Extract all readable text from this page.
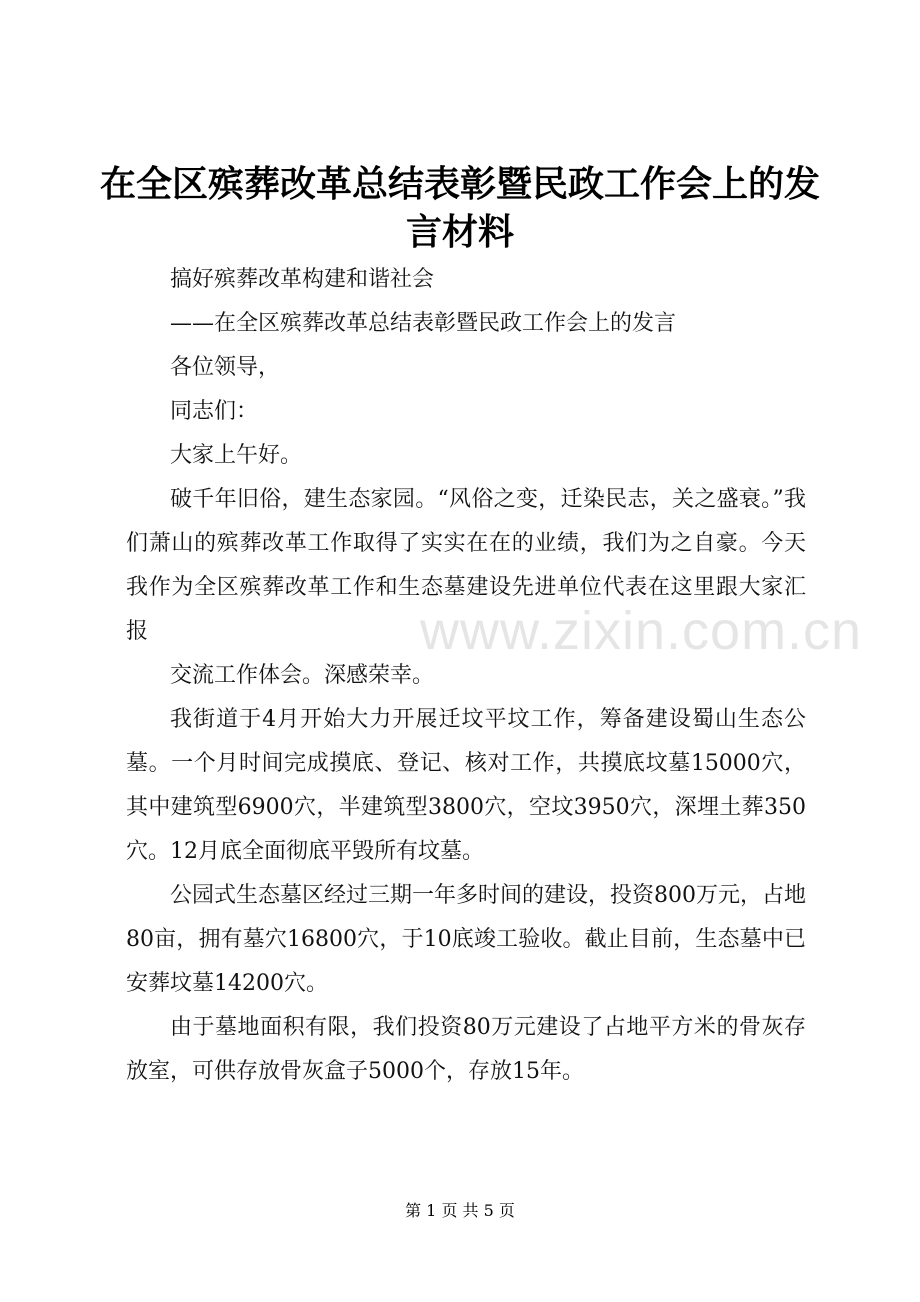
在全区殡葬改革总结表彰暨民政工作会上的发言材料

搞好殡葬改革构建和谐社会

——在全区殡葬改革总结表彰暨民政工作会上的发言

各位领导，

同志们：

大家上午好。

破千年旧俗，建生态家园。“风俗之变，迁染民志，关之盛衰。”我们萧山的殡葬改革工作取得了实实在在的业绩，我们为之自豪。今天我作为全区殡葬改革工作和生态墓建设先进单位代表在这里跟大家汇报

交流工作体会。深感荣幸。

我街道于4月开始大力开展迁坟平坟工作，筹备建设蜀山生态公墓。一个月时间完成摸底、登记、核对工作，共摸底坟墓15000穴，其中建筑型6900穴，半建筑型3800穴，空坟3950穴，深埋土葬350穴。12月底全面彻底平毁所有坟墓。

公园式生态墓区经过三期一年多时间的建设，投资800万元，占地80亩，拥有墓穴16800穴，于10底竣工验收。截止目前，生态墓中已安葬坟墓14200穴。

由于墓地面积有限，我们投资80万元建设了占地平方米的骨灰存放室，可供存放骨灰盒子5000个，存放15年。

www.zixin.com.cn
第 1 页 共 5 页
